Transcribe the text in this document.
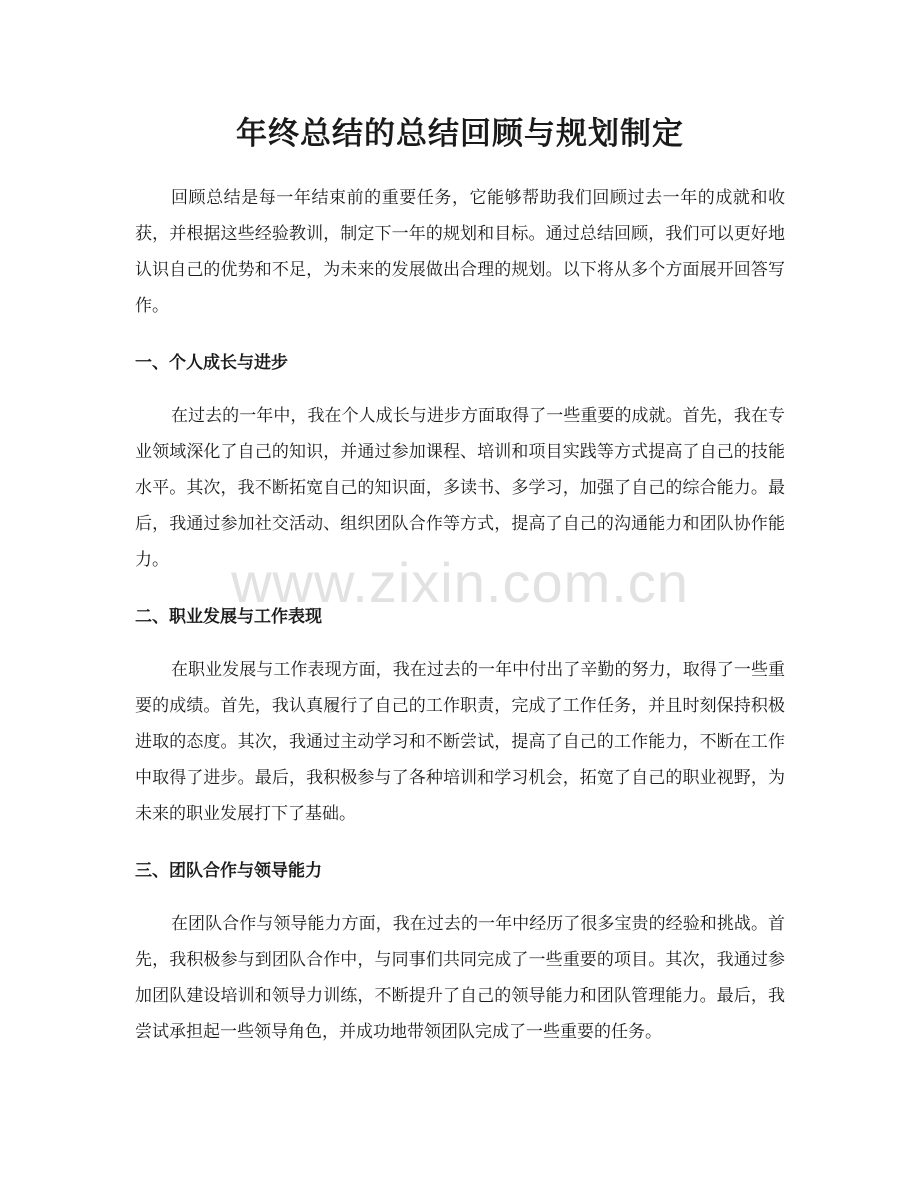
www.zixin.com.cn
年终总结的总结回顾与规划制定

回顾总结是每一年结束前的重要任务，它能够帮助我们回顾过去一年的成就和收获，并根据这些经验教训，制定下一年的规划和目标。通过总结回顾，我们可以更好地认识自己的优势和不足，为未来的发展做出合理的规划。以下将从多个方面展开回答写作。

一、个人成长与进步

在过去的一年中，我在个人成长与进步方面取得了一些重要的成就。首先，我在专业领域深化了自己的知识，并通过参加课程、培训和项目实践等方式提高了自己的技能水平。其次，我不断拓宽自己的知识面，多读书、多学习，加强了自己的综合能力。最后，我通过参加社交活动、组织团队合作等方式，提高了自己的沟通能力和团队协作能力。

二、职业发展与工作表现

在职业发展与工作表现方面，我在过去的一年中付出了辛勤的努力，取得了一些重要的成绩。首先，我认真履行了自己的工作职责，完成了工作任务，并且时刻保持积极进取的态度。其次，我通过主动学习和不断尝试，提高了自己的工作能力，不断在工作中取得了进步。最后，我积极参与了各种培训和学习机会，拓宽了自己的职业视野，为未来的职业发展打下了基础。

三、团队合作与领导能力

在团队合作与领导能力方面，我在过去的一年中经历了很多宝贵的经验和挑战。首先，我积极参与到团队合作中，与同事们共同完成了一些重要的项目。其次，我通过参加团队建设培训和领导力训练，不断提升了自己的领导能力和团队管理能力。最后，我尝试承担起一些领导角色，并成功地带领团队完成了一些重要的任务。
